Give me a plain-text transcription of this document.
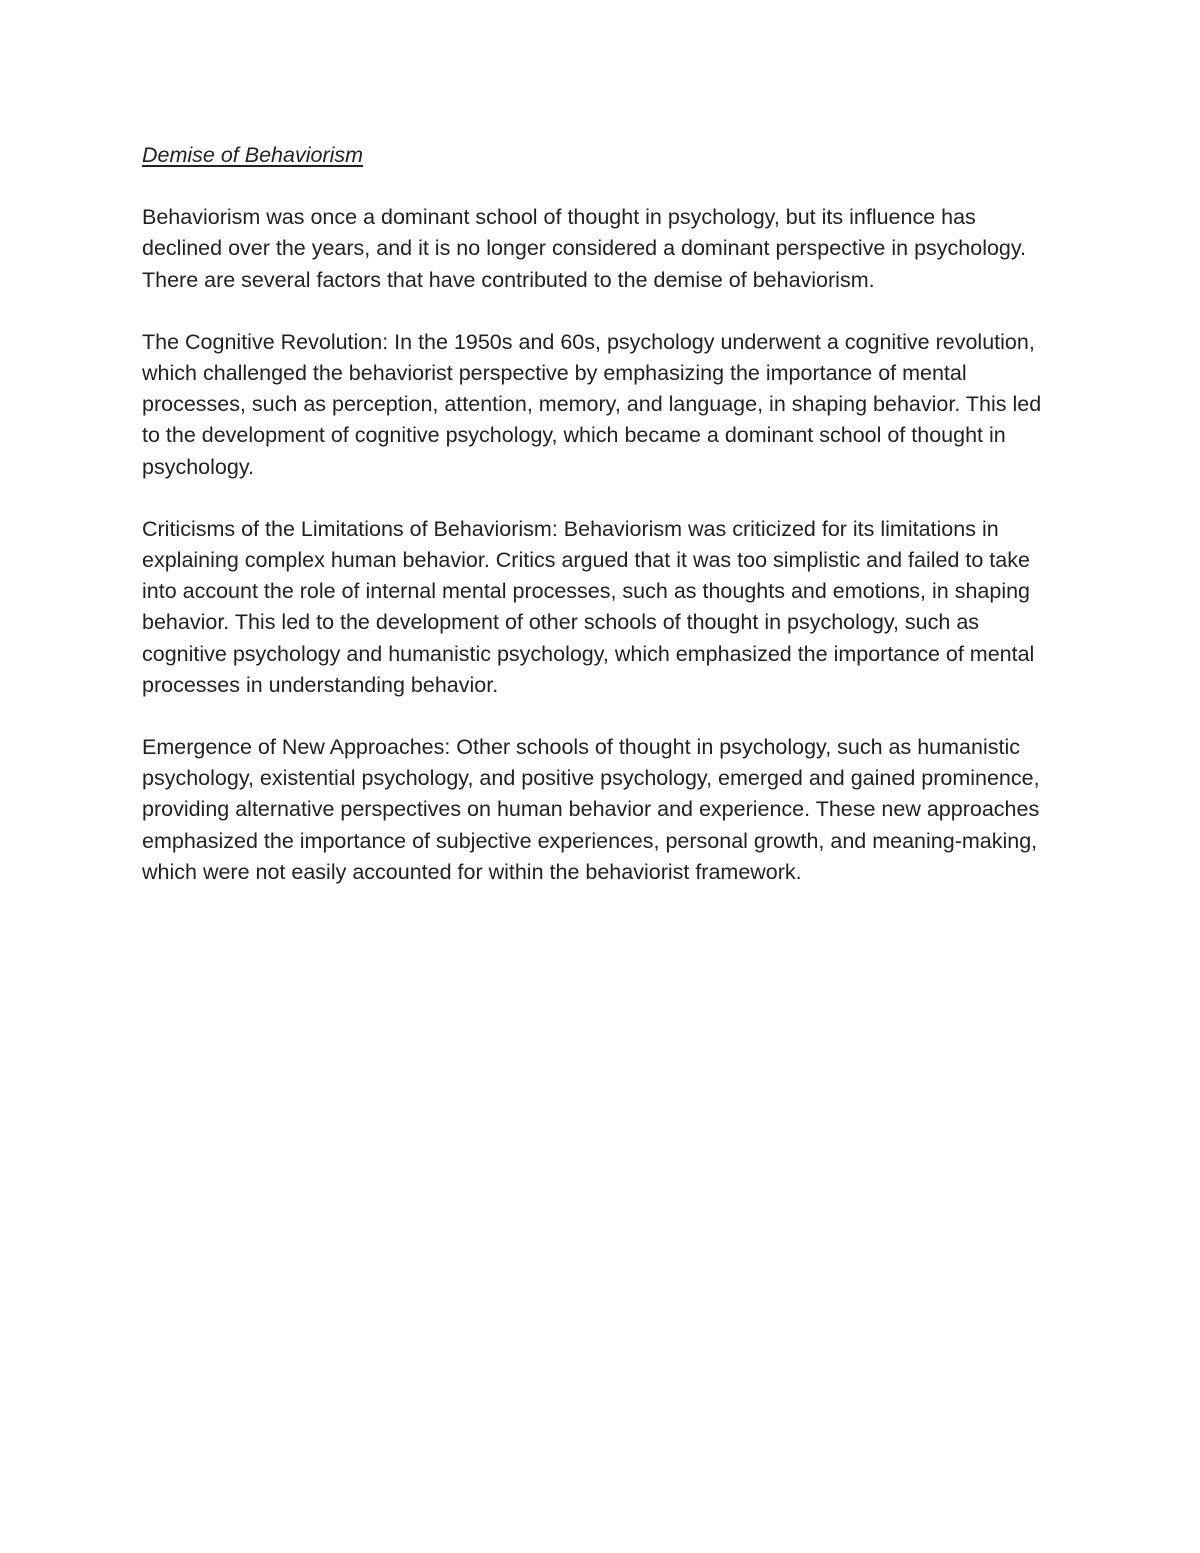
Demise of Behaviorism

Behaviorism was once a dominant school of thought in psychology, but its influence has declined over the years, and it is no longer considered a dominant perspective in psychology. There are several factors that have contributed to the demise of behaviorism.

The Cognitive Revolution: In the 1950s and 60s, psychology underwent a cognitive revolution, which challenged the behaviorist perspective by emphasizing the importance of mental processes, such as perception, attention, memory, and language, in shaping behavior. This led to the development of cognitive psychology, which became a dominant school of thought in psychology.

Criticisms of the Limitations of Behaviorism: Behaviorism was criticized for its limitations in explaining complex human behavior. Critics argued that it was too simplistic and failed to take into account the role of internal mental processes, such as thoughts and emotions, in shaping behavior. This led to the development of other schools of thought in psychology, such as cognitive psychology and humanistic psychology, which emphasized the importance of mental processes in understanding behavior.

Emergence of New Approaches: Other schools of thought in psychology, such as humanistic psychology, existential psychology, and positive psychology, emerged and gained prominence, providing alternative perspectives on human behavior and experience. These new approaches emphasized the importance of subjective experiences, personal growth, and meaning-making, which were not easily accounted for within the behaviorist framework.
